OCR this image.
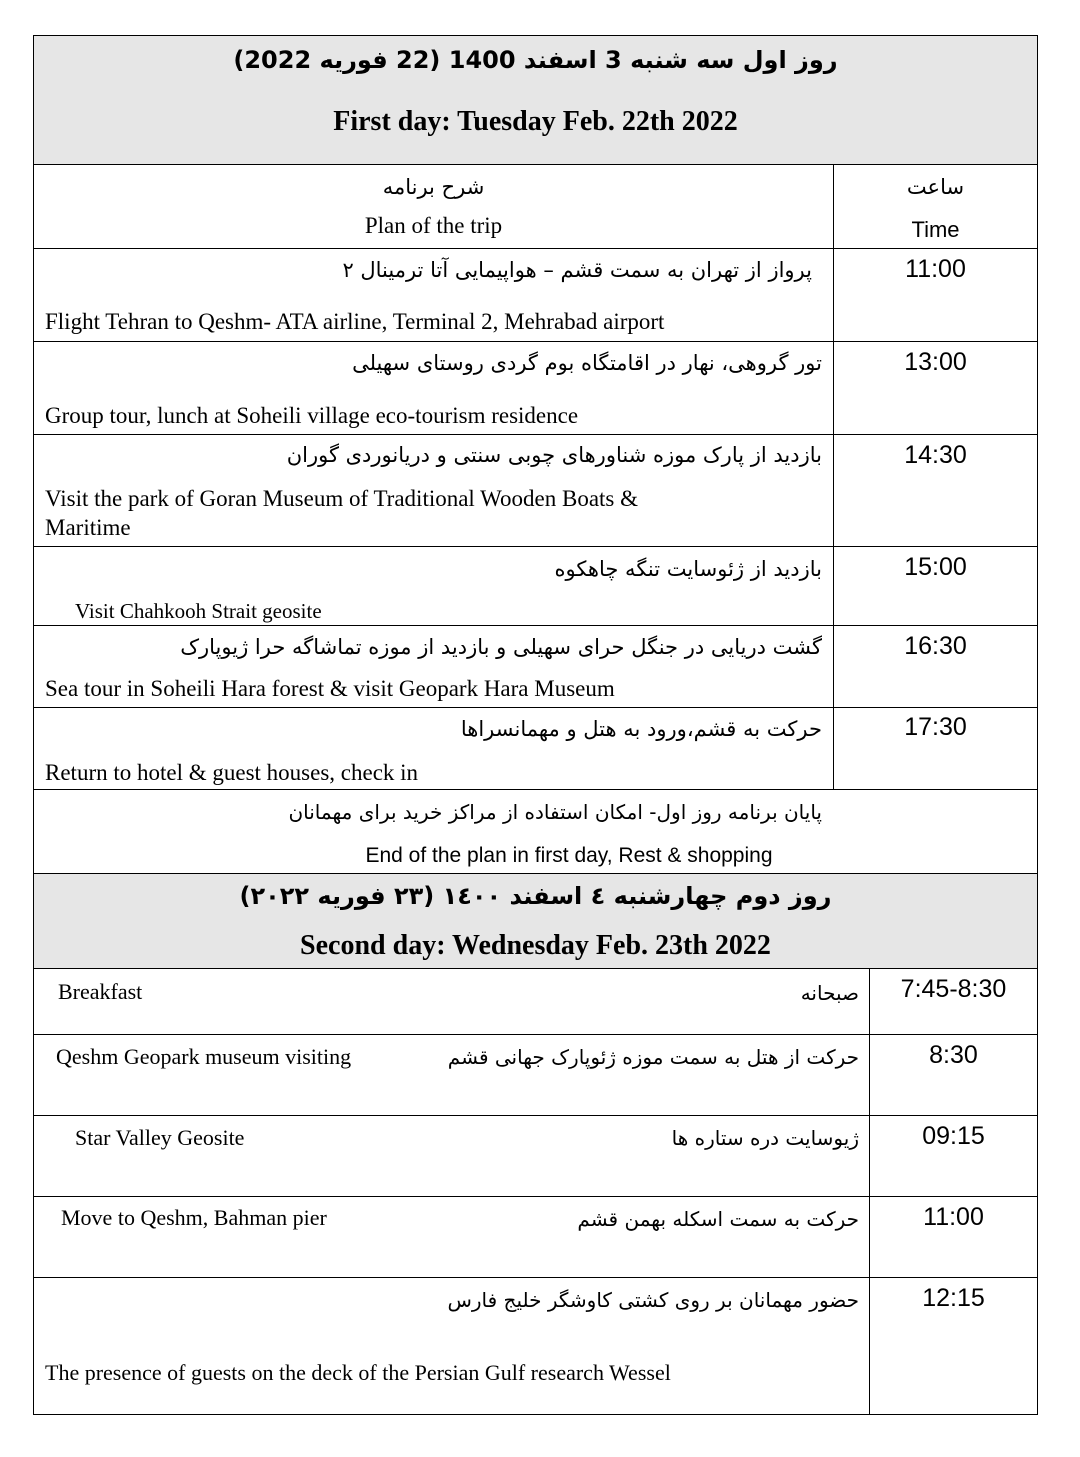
روز اول سه شنبه 3 اسفند 1400 (22 فوریه 2022)
First day: Tuesday Feb. 22th 2022
شرح برنامه
Plan of the trip
ساعت
Time
11:00
پرواز از تهران به سمت قشم – هواپیمایی آتا ترمینال ۲
Flight Tehran to Qeshm- ATA airline, Terminal 2, Mehrabad airport
13:00
تور گروهی، نهار در اقامتگاه بوم گردی روستای سهیلی
Group tour, lunch at Soheili village eco-tourism residence
14:30
بازدید از پارک موزه شناورهای چوبی سنتی و دریانوردی گوران
Visit the park of Goran Museum of Traditional Wooden Boats &
Maritime
15:00
بازدید از ژئوسایت تنگه چاهکوه
Visit Chahkooh Strait geosite
16:30
گشت دریایی در جنگل حرای سهیلی و بازدید از موزه تماشاگه حرا ژیوپارک
Sea tour in Soheili Hara forest & visit Geopark Hara Museum
17:30
حرکت به قشم،ورود به هتل و مهمانسراها
Return to hotel & guest houses, check in
پایان برنامه روز اول- امکان استفاده از مراکز خرید برای مهمانان
End of the plan in first day, Rest & shopping
روز دوم چهارشنبه ٤ اسفند ١٤٠٠ (٢٣ فوریه ٢٠٢٢)
Second day: Wednesday Feb. 23th 2022
7:45-8:30
صبحانه
Breakfast
8:30
حرکت از هتل به سمت موزه ژئوپارک جهانی قشم
Qeshm Geopark museum visiting
09:15
ژیوسایت دره ستاره ها
Star Valley Geosite
11:00
حرکت به سمت اسکله بهمن قشم
Move to Qeshm, Bahman pier
12:15
حضور مهمانان بر روی کشتی کاوشگر خلیج فارس
The presence of guests on the deck of the Persian Gulf research Wessel
